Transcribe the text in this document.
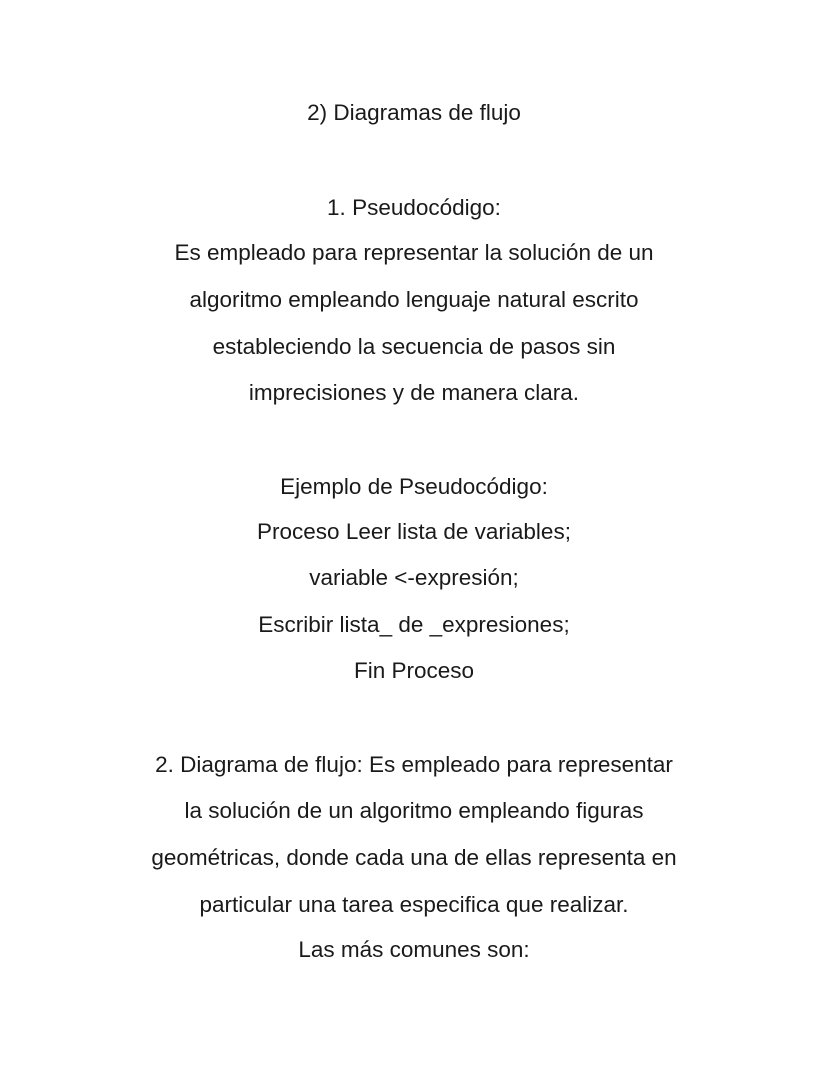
2) Diagramas de flujo
1. Pseudocódigo:
Es empleado para representar la solución de un
algoritmo empleando lenguaje natural escrito
estableciendo la secuencia de pasos sin
imprecisiones y de manera clara.
Ejemplo de Pseudocódigo:
Proceso Leer lista de variables;
variable <-expresión;
Escribir lista_ de _expresiones;
Fin Proceso
2. Diagrama de flujo: Es empleado para representar
la solución de un algoritmo empleando figuras
geométricas, donde cada una de ellas representa en
particular una tarea especifica que realizar.
Las más comunes son:
